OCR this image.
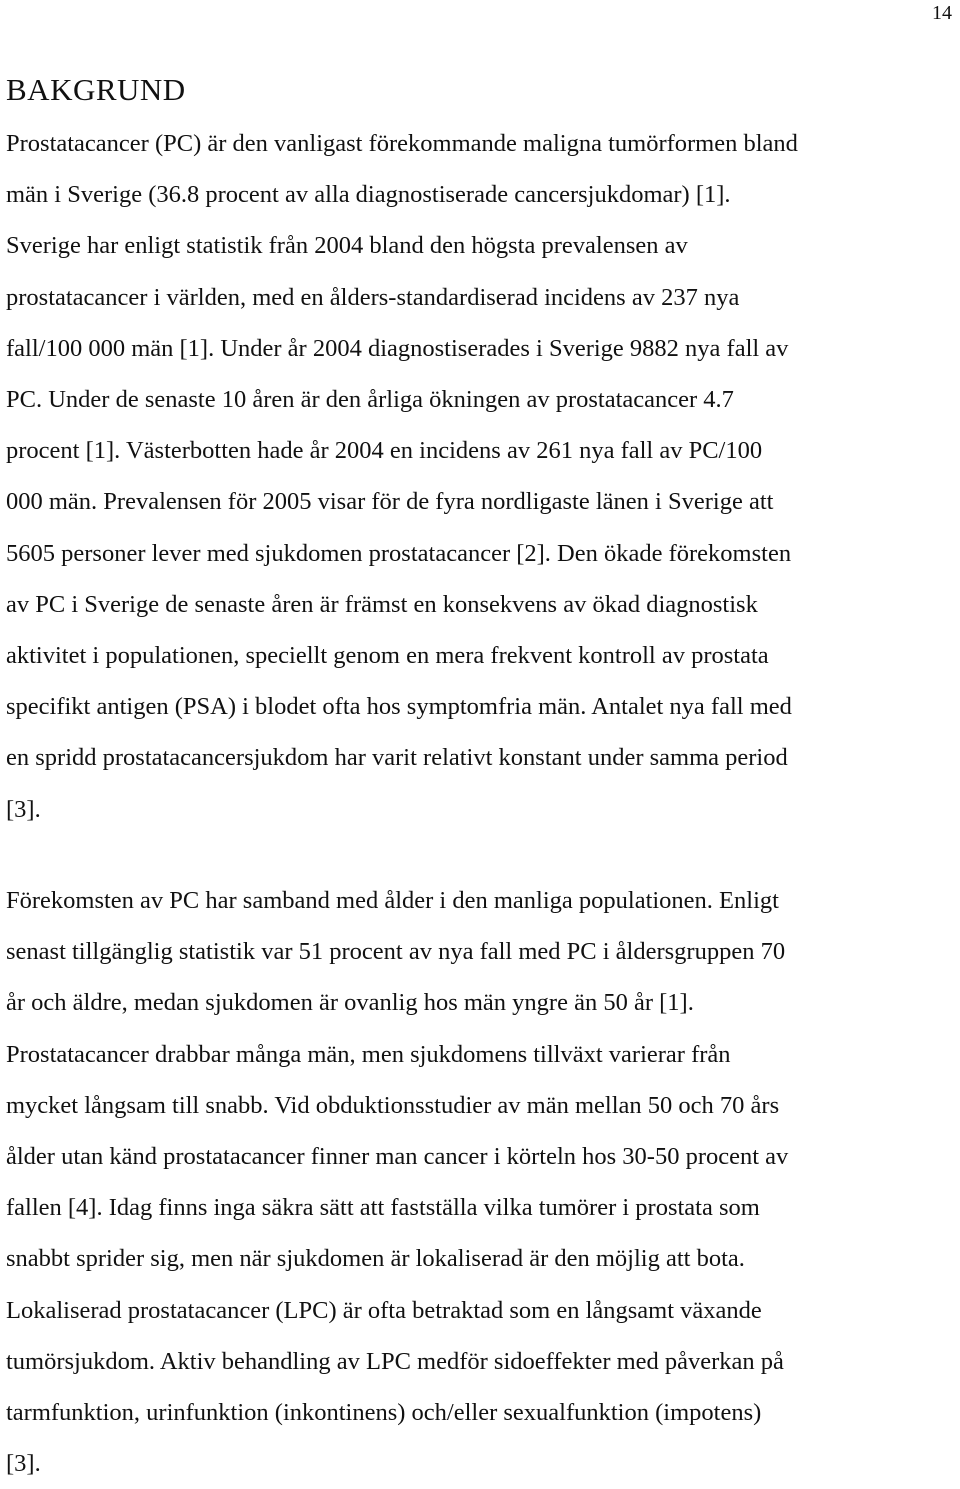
14
BAKGRUND

Prostatacancer (PC) är den vanligast förekommande maligna tumörformen bland
män i Sverige (36.8 procent av alla diagnostiserade cancersjukdomar) [1].
Sverige har enligt statistik från 2004 bland den högsta prevalensen av
prostatacancer i världen, med en ålders-standardiserad incidens av 237 nya
fall/100 000 män [1]. Under år 2004 diagnostiserades i Sverige 9882 nya fall av
PC. Under de senaste 10 åren är den årliga ökningen av prostatacancer 4.7
procent [1]. Västerbotten hade år 2004 en incidens av 261 nya fall av PC/100
000 män. Prevalensen för 2005 visar för de fyra nordligaste länen i Sverige att
5605 personer lever med sjukdomen prostatacancer [2]. Den ökade förekomsten
av PC i Sverige de senaste åren är främst en konsekvens av ökad diagnostisk
aktivitet i populationen, speciellt genom en mera frekvent kontroll av prostata
specifikt antigen (PSA) i blodet ofta hos symptomfria män. Antalet nya fall med
en spridd prostatacancersjukdom har varit relativt konstant under samma period
[3].

Förekomsten av PC har samband med ålder i den manliga populationen. Enligt
senast tillgänglig statistik var 51 procent av nya fall med PC i åldersgruppen 70
år och äldre, medan sjukdomen är ovanlig hos män yngre än 50 år [1].
Prostatacancer drabbar många män, men sjukdomens tillväxt varierar från
mycket långsam till snabb. Vid obduktionsstudier av män mellan 50 och 70 års
ålder utan känd prostatacancer finner man cancer i körteln hos 30-50 procent av
fallen [4]. Idag finns inga säkra sätt att fastställa vilka tumörer i prostata som
snabbt sprider sig, men när sjukdomen är lokaliserad är den möjlig att bota.
Lokaliserad prostatacancer (LPC) är ofta betraktad som en långsamt växande
tumörsjukdom. Aktiv behandling av LPC medför sidoeffekter med påverkan på
tarmfunktion, urinfunktion (inkontinens) och/eller sexualfunktion (impotens)
[3].
